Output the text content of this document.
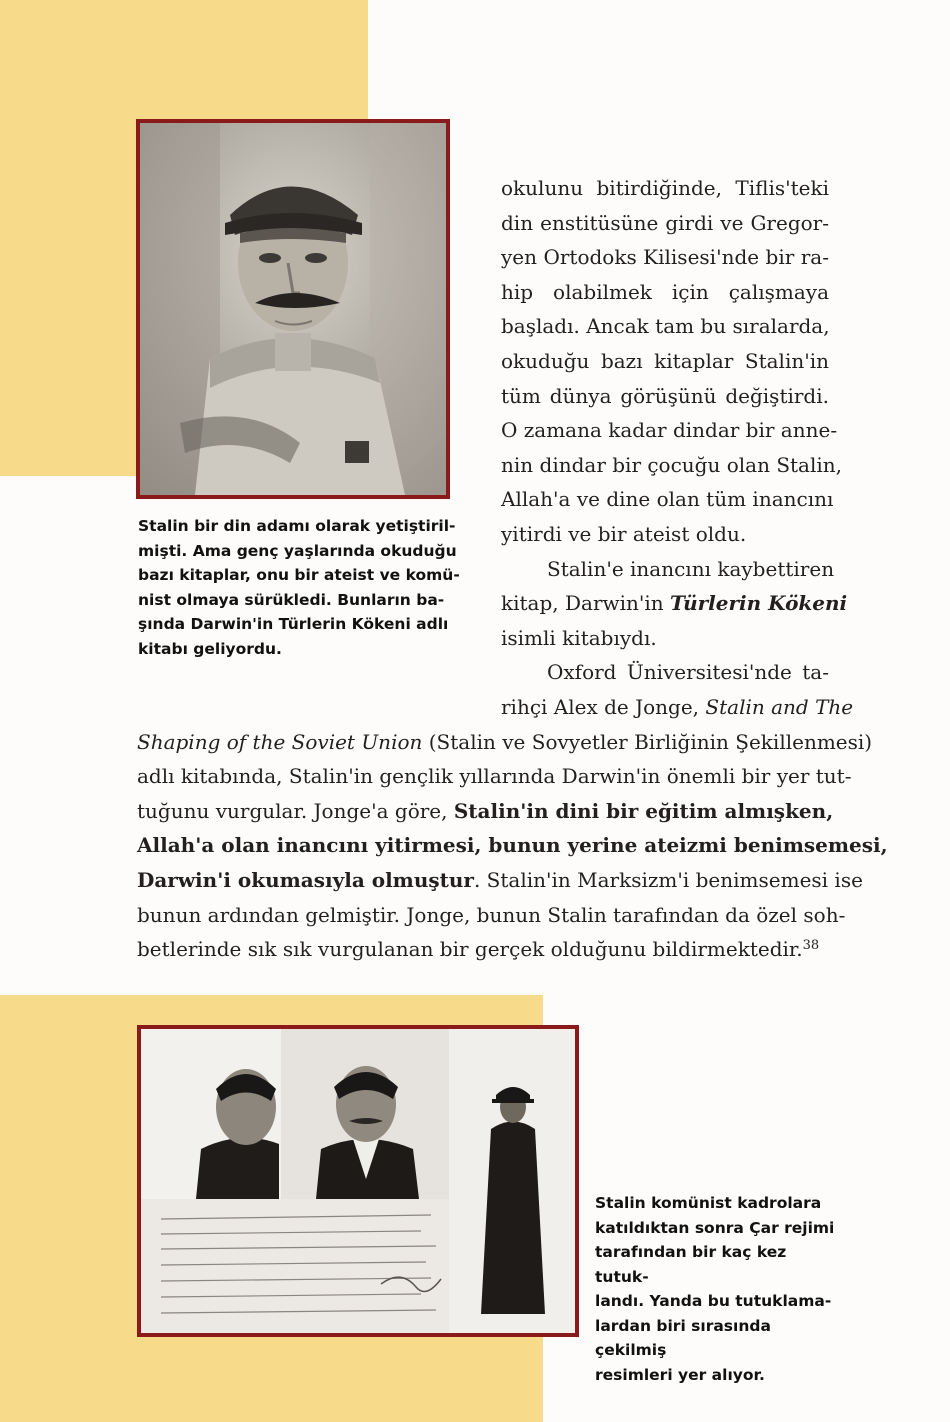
Stalin bir din adamı olarak yetiştiril-
mişti. Ama genç yaşlarında okuduğu
bazı kitaplar, onu bir ateist ve komü-
nist olmaya sürükledi. Bunların ba-
şında Darwin'in Türlerin Kökeni adlı
kitabı geliyordu.
okulunu bitirdiğinde, Tiflis'teki
din enstitüsüne girdi ve Gregor-
yen Ortodoks Kilisesi'nde bir ra-
hip olabilmek için çalışmaya
başladı. Ancak tam bu sıralarda,
okuduğu bazı kitaplar Stalin'in
tüm dünya görüşünü değiştirdi.
O zamana kadar dindar bir anne-
nin dindar bir çocuğu olan Stalin,
Allah'a ve dine olan tüm inancını
yitirdi ve bir ateist oldu.
Stalin'e inancını kaybettiren
kitap, Darwin'in Türlerin Kökeni
isimli kitabıydı.
Oxford Üniversitesi'nde ta-
rihçi Alex de Jonge, Stalin and The
Shaping of the Soviet Union (Stalin ve Sovyetler Birliğinin Şekillenmesi)
adlı kitabında, Stalin'in gençlik yıllarında Darwin'in önemli bir yer tut-
tuğunu vurgular. Jonge'a göre, Stalin'in dini bir eğitim almışken,
Allah'a olan inancını yitirmesi, bunun yerine ateizmi benimsemesi,
Darwin'i okumasıyla olmuştur. Stalin'in Marksizm'i benimsemesi ise
bunun ardından gelmiştir. Jonge, bunun Stalin tarafından da özel soh-
betlerinde sık sık vurgulanan bir gerçek olduğunu bildirmektedir.$^{38}$
Stalin komünist kadrolara
katıldıktan sonra Çar rejimi
tarafından bir kaç kez tutuk-
landı. Yanda bu tutuklama-
lardan biri sırasında çekilmiş
resimleri yer alıyor.
